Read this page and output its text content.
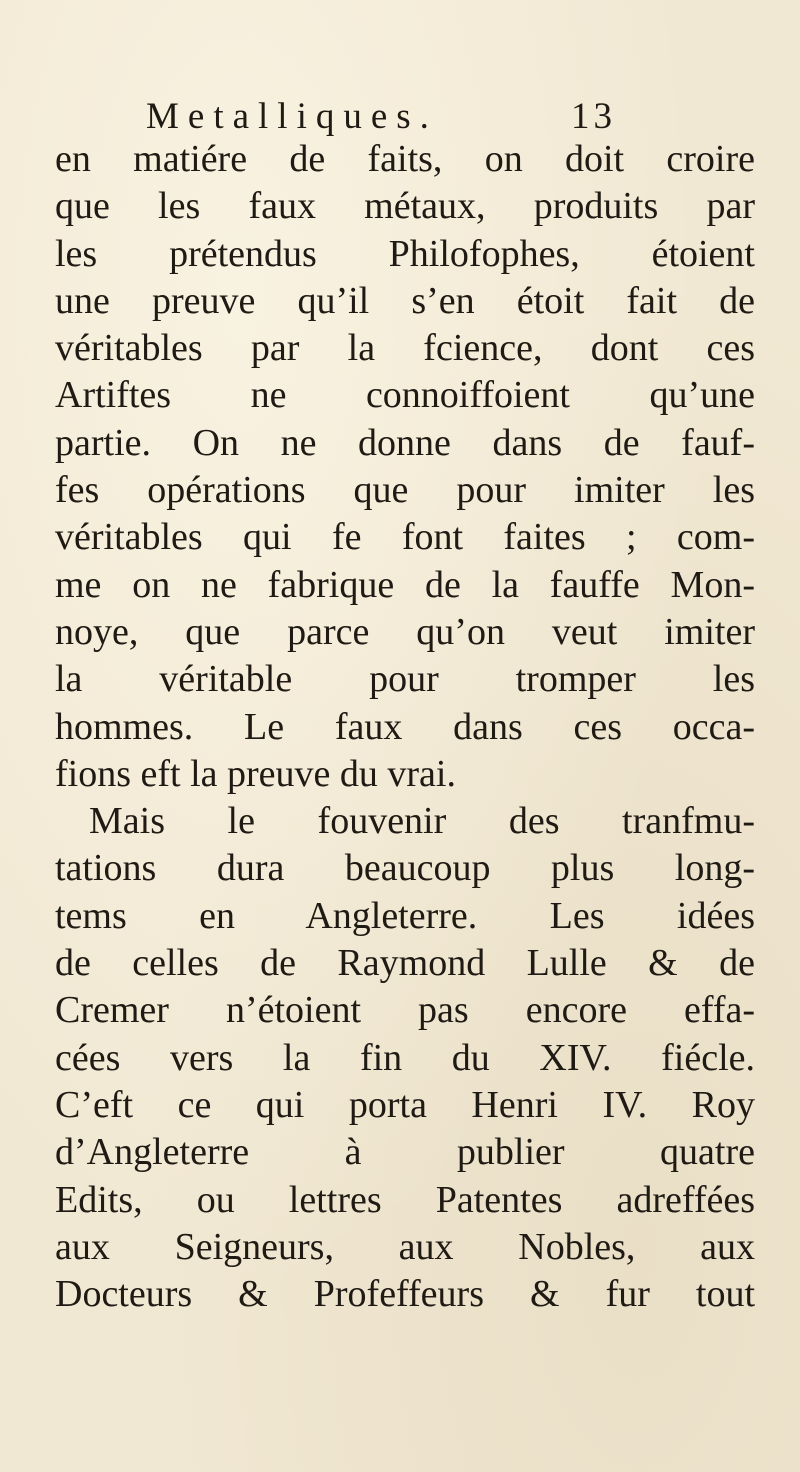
Metalliques.	13
en matiére de faits, on doit croire
que les faux métaux, produits par
les prétendus Philofophes, étoient
une preuve qu’il s’en étoit fait de
véritables par la fcience, dont ces
Artiftes ne connoiffoient qu’une
partie. On ne donne dans de fauf-
fes opérations que pour imiter les
véritables qui fe font faites ; com-
me on ne fabrique de la fauffe Mon-
noye, que parce qu’on veut imiter
la véritable pour tromper les
hommes. Le faux dans ces occa-
fions eft la preuve du vrai.
Mais le fouvenir des tranfmu-
tations dura beaucoup plus long-
tems en Angleterre. Les idées
de celles de Raymond Lulle & de
Cremer n’étoient pas encore effa-
cées vers la fin du XIV. fiécle.
C’eft ce qui porta Henri IV. Roy
d’Angleterre à publier quatre
Edits, ou lettres Patentes adreffées
aux Seigneurs, aux Nobles, aux
Docteurs & Profeffeurs & fur tout
